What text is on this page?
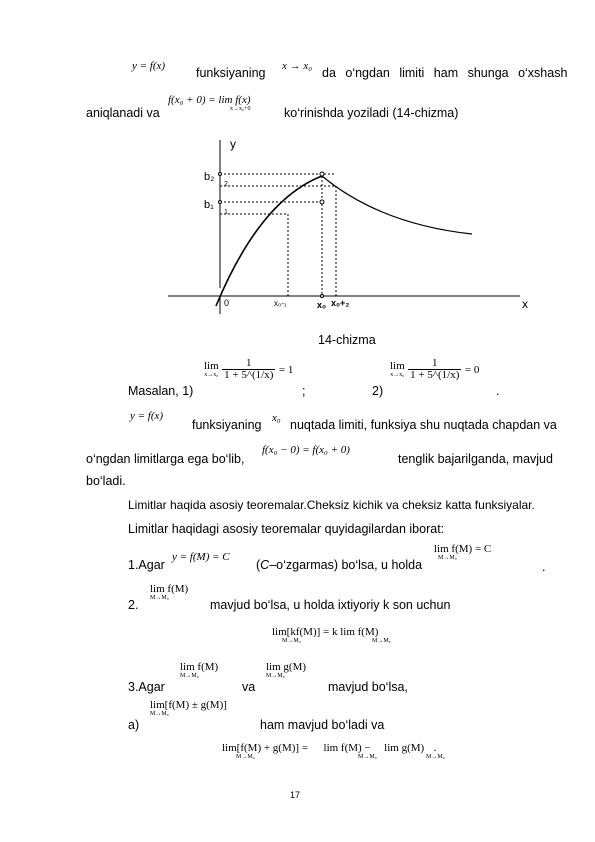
y = f(x) funksiyaning x → x₀ da o‘ngdan limiti ham shunga o‘xshash
aniqlanadi va
f(x₀ + 0) = lim f(x)
x→x₀+0	ko‘rinishda yoziladi (14-chizma)
y
x
0
b₂
b₁
2
1
x₀-₁	x₀ x₀+₂
14-chizma
Masalan, 1)
lim
x→x₀
$\frac{1}{1 + 5\^{}(1/x)} = 1$
;	2)
lim
x→x₀
$\frac{1}{1 + 5\^{}(1/x)} = 0$
.
y = f(x)
funksiyaning x₀ nuqtada limiti, funksiya shu nuqtada chapdan va
o‘ngdan limitlarga ega bo‘lib,
f(x₀ − 0) = f(x₀ + 0)
tenglik bajarilganda, mavjud
bo‘ladi.
Limitlar haqida asosiy teoremalar.Cheksiz kichik va cheksiz katta funksiyalar.
Limitlar haqidagi asosiy teoremalar quyidagilardan iborat:
1.Agar
y = f(M) = C
(C–o‘zgarmas) bo‘lsa, u holda
lim f(M) = C
M→M₀
.
2.
lim f(M)
M→M₀	mavjud bo‘lsa, u holda ixtiyoriy k son uchun
lim[kf(M)] = k lim f(M)
M→M₀	M→M₀
3.Agar
lim f(M)
M→M₀
va
lim g(M)
M→M₀
mavjud bo‘lsa,
a)
lim[f(M) ± g(M)]
M→M₀
ham mavjud bo‘ladi va
lim[f(M) + g(M)] = lim f(M) − lim g(M) .
M→M₀	M→M₀	M→M₀
17
